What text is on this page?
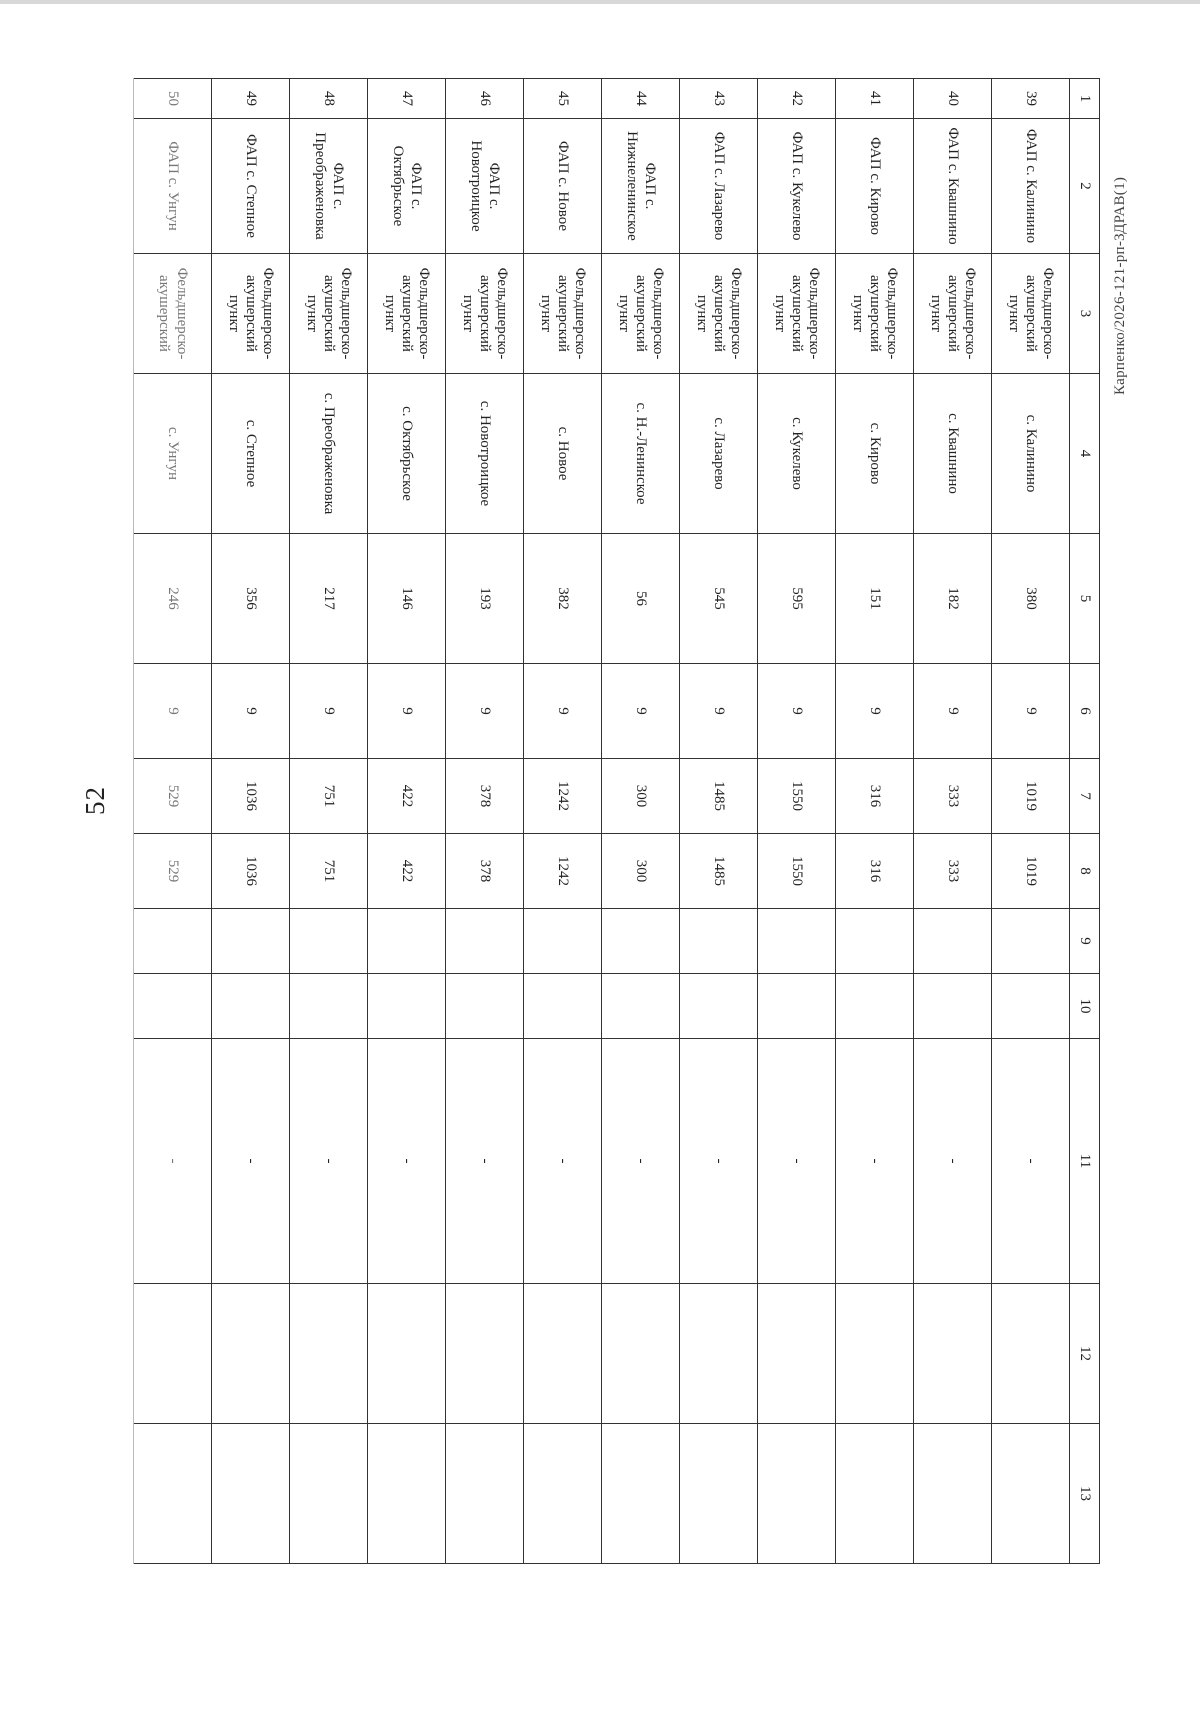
52
Карпенко/2026-121-рп-ЗДРАВ(1)
1	2	3	4	5	6	7	8	9	10	11	12	13
39	ФАП с. Калинино	Фельдшерско-акушерский пункт	с. Калинино	380	9	1019	1019			-		
40	ФАП с. Квашнино	Фельдшерско-акушерский пункт	с. Квашнино	182	9	333	333			-		
41	ФАП с. Кирово	Фельдшерско-акушерский пункт	с. Кирово	151	9	316	316			-		
42	ФАП с. Кукелево	Фельдшерско-акушерский пункт	с. Кукелево	595	9	1550	1550			-		
43	ФАП с. Лазарево	Фельдшерско-акушерский пункт	с. Лазарево	545	9	1485	1485			-		
44	ФАП с. Нижнеленинское	Фельдшерско-акушерский пункт	с. Н.-Ленинское	56	9	300	300			-		
45	ФАП с. Новое	Фельдшерско-акушерский пункт	с. Новое	382	9	1242	1242			-		
46	ФАП с. Новотроицкое	Фельдшерско-акушерский пункт	с. Новотроицкое	193	9	378	378			-		
47	ФАП с. Октябрьское	Фельдшерско-акушерский пункт	с. Октябрьское	146	9	422	422			-		
48	ФАП с. Преображеновка	Фельдшерско-акушерский пункт	с. Преображеновка	217	9	751	751			-		
49	ФАП с. Степное	Фельдшерско-акушерский пункт	с. Степное	356	9	1036	1036			-		
50	ФАП с. Унгун	Фельдшерско-акушерский	с. Унгун	246	9	529	529			-		
